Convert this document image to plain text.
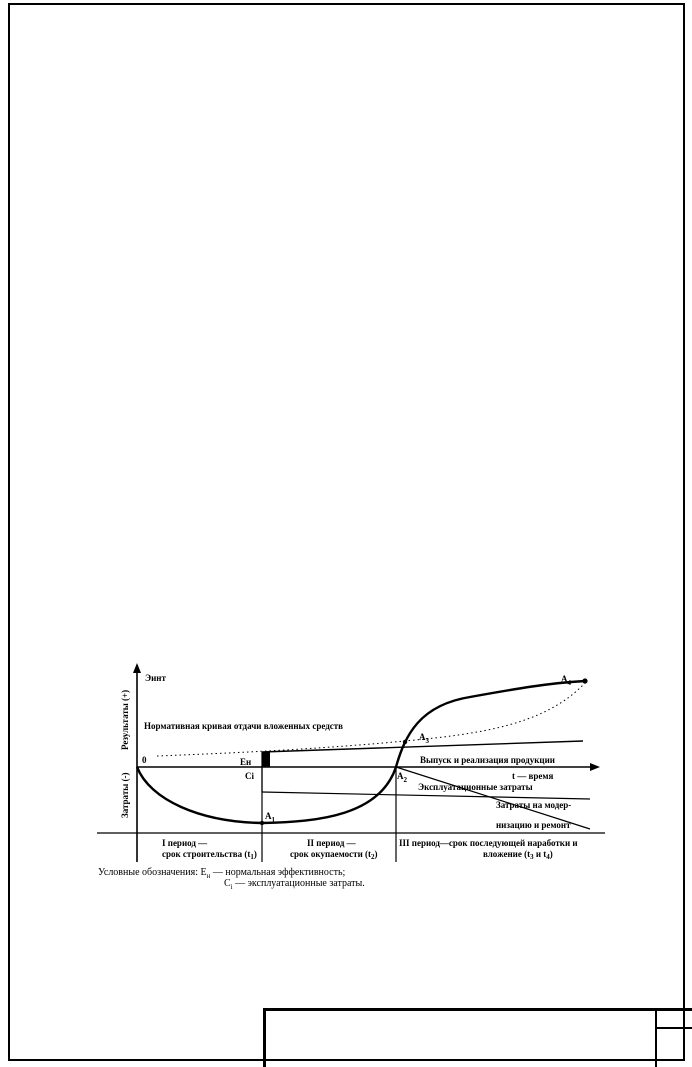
Эинт
Результаты (+)
Затраты (-)
0
t — время
Нормативная кривая отдачи вложенных средств
Выпуск и реализация продукции
Эксплуатационные затраты
Затраты на модер-
низацию и ремонт
Ен
Ci
$A_1$
$A_2$
$A_3$
$A_4$
I период —
срок строительства $(t_1)$
II период —
срок окупаемости $(t_2)$
III период—срок последующей наработки и
вложение ($t_3$ и $t_4$)
Условные обозначения: $Е_н$ — нормальная эффективность;
$С_i$ — эксплуатационные затраты.
